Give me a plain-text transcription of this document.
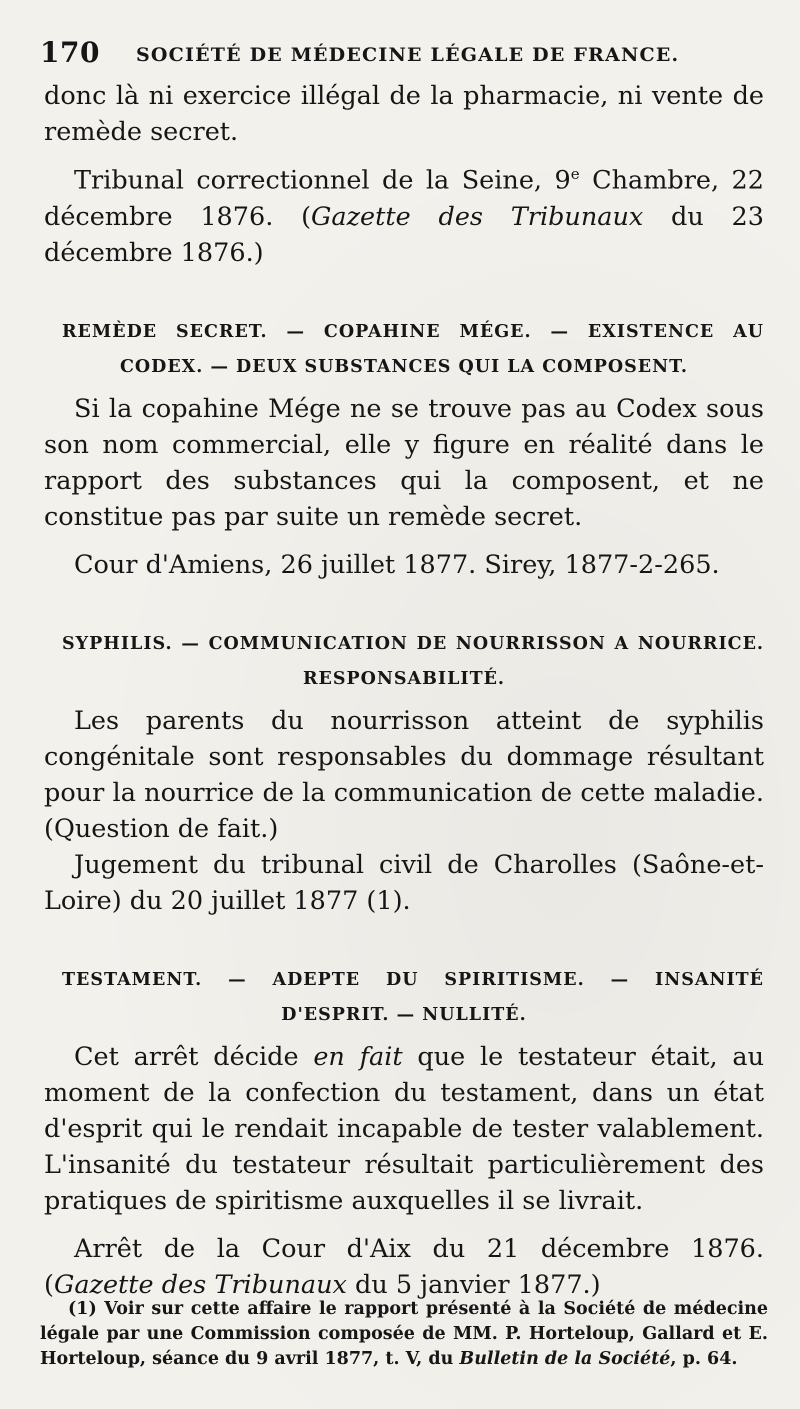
170 SOCIÉTÉ DE MÉDECINE LÉGALE DE FRANCE.

donc là ni exercice illégal de la pharmacie, ni vente de remède secret.

Tribunal correctionnel de la Seine, 9e Chambre, 22 décembre 1876. (Gazette des Tribunaux du 23 décembre 1876.)

REMÈDE SECRET. — COPAHINE MÉGE. — EXISTENCE AU CODEX. — DEUX SUBSTANCES QUI LA COMPOSENT.

Si la copahine Mége ne se trouve pas au Codex sous son nom commercial, elle y figure en réalité dans le rapport des substances qui la composent, et ne constitue pas par suite un remède secret.

Cour d'Amiens, 26 juillet 1877. Sirey, 1877-2-265.

SYPHILIS. — COMMUNICATION DE NOURRISSON A NOURRICE. RESPONSABILITÉ.

Les parents du nourrisson atteint de syphilis congénitale sont responsables du dommage résultant pour la nourrice de la communication de cette maladie. (Question de fait.)

Jugement du tribunal civil de Charolles (Saône-et-Loire) du 20 juillet 1877 (1).

TESTAMENT. — ADEPTE DU SPIRITISME. — INSANITÉ D'ESPRIT. — NULLITÉ.

Cet arrêt décide en fait que le testateur était, au moment de la confection du testament, dans un état d'esprit qui le rendait incapable de tester valablement. L'insanité du testateur résultait particulièrement des pratiques de spiritisme auxquelles il se livrait.

Arrêt de la Cour d'Aix du 21 décembre 1876. (Gazette des Tribunaux du 5 janvier 1877.)

(1) Voir sur cette affaire le rapport présenté à la Société de médecine légale par une Commission composée de MM. P. Horteloup, Gallard et E. Horteloup, séance du 9 avril 1877, t. V, du Bulletin de la Société, p. 64.
